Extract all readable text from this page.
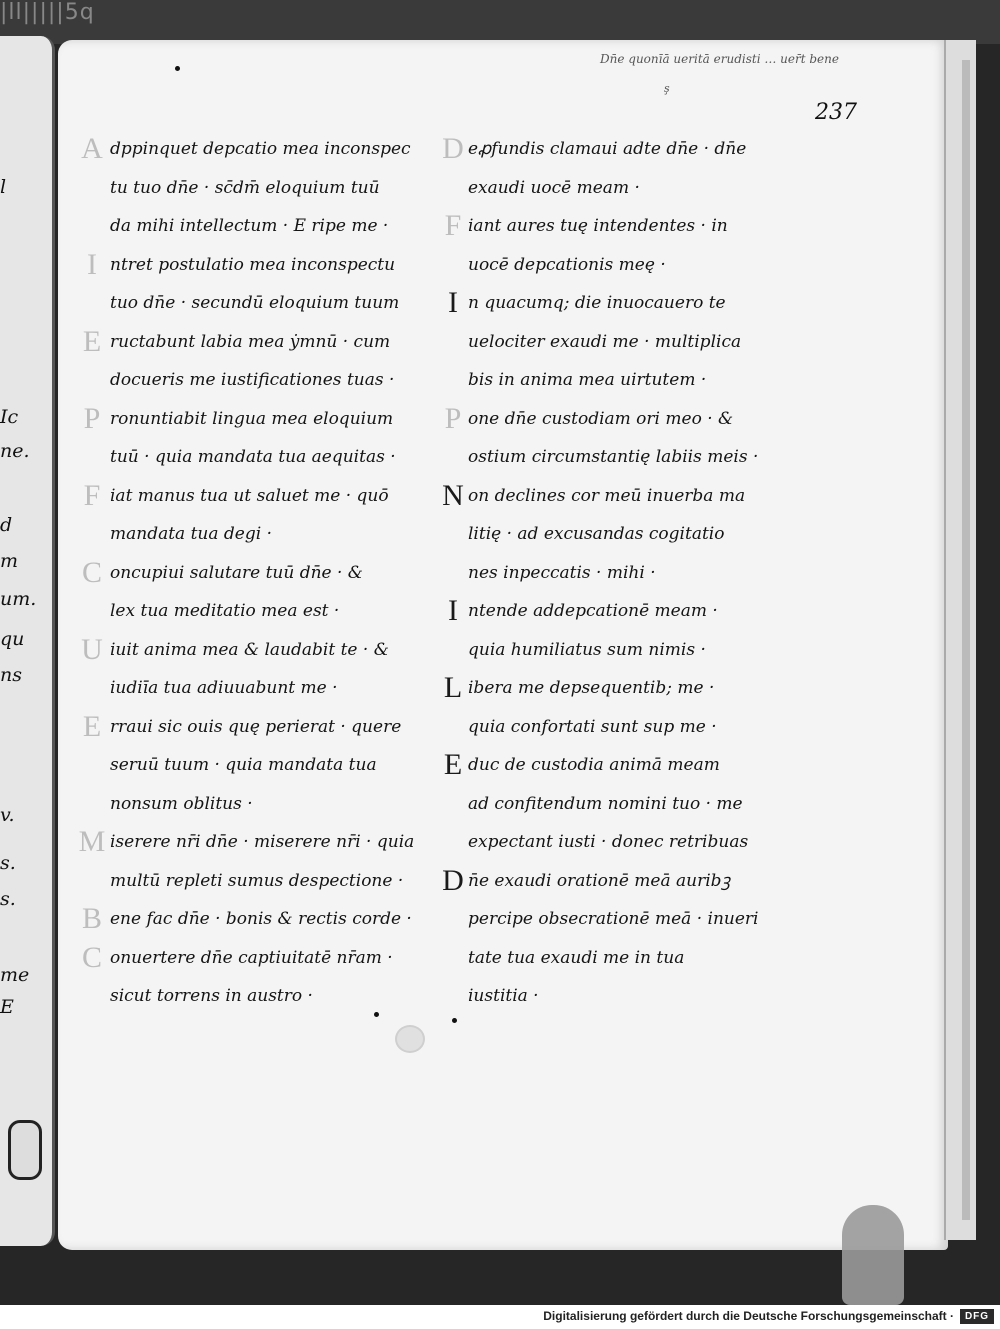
|ll|||||5q
l
Ic
ne.
d
m
um.
qu
ns
v.
s.
s.
me
E
Dn̄e quonīā ueritā erudisti … uer̄t bene
ş
237
A dppinquet depcatio mea inconspec
tu tuo dn̄e · sc̄dm̄ eloquium tuū
da mihi intellectum · E ripe me ·
I ntret postulatio mea inconspectu
tuo dn̄e · secundū eloquium tuum
E ructabunt labia mea ẏmnū · cum
docueris me iustificationes tuas ·
P ronuntiabit lingua mea eloquium
tuū · quia mandata tua aequitas ·
F iat manus tua ut saluet me · quō
mandata tua degi ·
C oncupiui salutare tuū dn̄e · &
lex tua meditatio mea est ·
U iuit anima mea & laudabit te · &
iudiīa tua adiuuabunt me ·
E rraui sic ouis quę perierat · quere
seruū tuum · quia mandata tua
nonsum oblitus ·
M iserere nr̄i dn̄e · miserere nr̄i · quia
multū repleti sumus despectione ·
B ene fac dn̄e · bonis & rectis corde ·
C onuertere dn̄e captiuitatē nr̄am ·
sicut torrens in austro ·
D eꝓfundis clamaui adte dn̄e · dn̄e
exaudi uocē meam ·
F iant aures tuę intendentes · in
uocē depcationis meę ·
I n quacumq; die inuocauero te
uelociter exaudi me · multiplica
bis in anima mea uirtutem ·
P one dn̄e custodiam ori meo · &
ostium circumstantię labiis meis ·
N on declines cor meū inuerba ma
litię · ad excusandas cogitatio
nes inpeccatis · mihi ·
I ntende addepcationē meam ·
quia humiliatus sum nimis ·
L ibera me depsequentib; me ·
quia confortati sunt sup me ·
E duc de custodia animā meam
ad confitendum nomini tuo · me
expectant iusti · donec retribuas
D n̄e exaudi orationē meā auribꝫ
percipe obsecrationē meā · inueri
tate tua exaudi me in tua
iustitia ·
Digitalisierung gefördert durch die Deutsche Forschungsgemeinschaft ·	DFG
